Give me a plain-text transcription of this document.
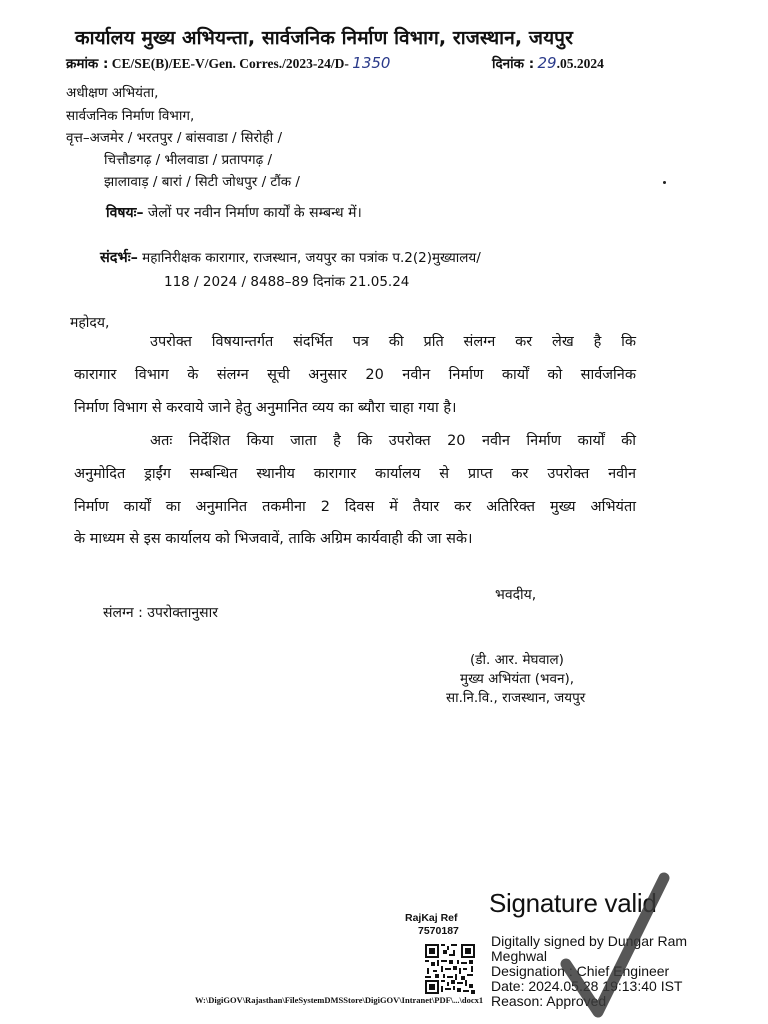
कार्यालय मुख्य अभियन्ता, सार्वजनिक निर्माण विभाग, राजस्थान, जयपुर
क्रमांक : CE/SE(B)/EE-V/Gen. Corres./2023-24/D- 1350	दिनांक : 29.05.2024
अधीक्षण अभियंता,
सार्वजनिक निर्माण विभाग,
वृत्त–अजमेर / भरतपुर / बांसवाडा / सिरोही /
चित्तौडगढ़ / भीलवाडा / प्रतापगढ़ /
झालावाड़ / बारां / सिटी जोधपुर / टौंक /
विषयः– जेलों पर नवीन निर्माण कार्यों के सम्बन्ध में।
संदर्भः– महानिरीक्षक कारागार, राजस्थान, जयपुर का पत्रांक प.2(2)मुख्यालय/
118 / 2024 / 8488–89 दिनांक 21.05.24
महोदय,
उपरोक्त विषयान्तर्गत संदर्भित पत्र की प्रति संलग्न कर लेख है कि
कारागार विभाग के संलग्न सूची अनुसार 20 नवीन निर्माण कार्यों को सार्वजनिक
निर्माण विभाग से करवाये जाने हेतु अनुमानित व्यय का ब्यौरा चाहा गया है।
अतः निर्देशित किया जाता है कि उपरोक्त 20 नवीन निर्माण कार्यों की
अनुमोदित ड्राईंग सम्बन्धित स्थानीय कारागार कार्यालय से प्राप्त कर उपरोक्त नवीन
निर्माण कार्यों का अनुमानित तकमीना 2 दिवस में तैयार कर अतिरिक्त मुख्य अभियंता
के माध्यम से इस कार्यालय को भिजवावें, ताकि अग्रिम कार्यवाही की जा सके।
भवदीय,
संलग्न : उपरोक्तानुसार
(डी. आर. मेघवाल)
मुख्य अभियंता (भवन),
सा.नि.वि., राजस्थान, जयपुर
RajKaj Ref
7570187
Signature valid
Digitally signed by Dungar Ram
Meghwal
Designation : Chief Engineer
Date: 2024.05.28 19:13:40 IST
Reason: Approved
W:\DigiGOV\Rajasthan\FileSystemDMSStore\DigiGOV\Intranet\PDF\...\docx1
